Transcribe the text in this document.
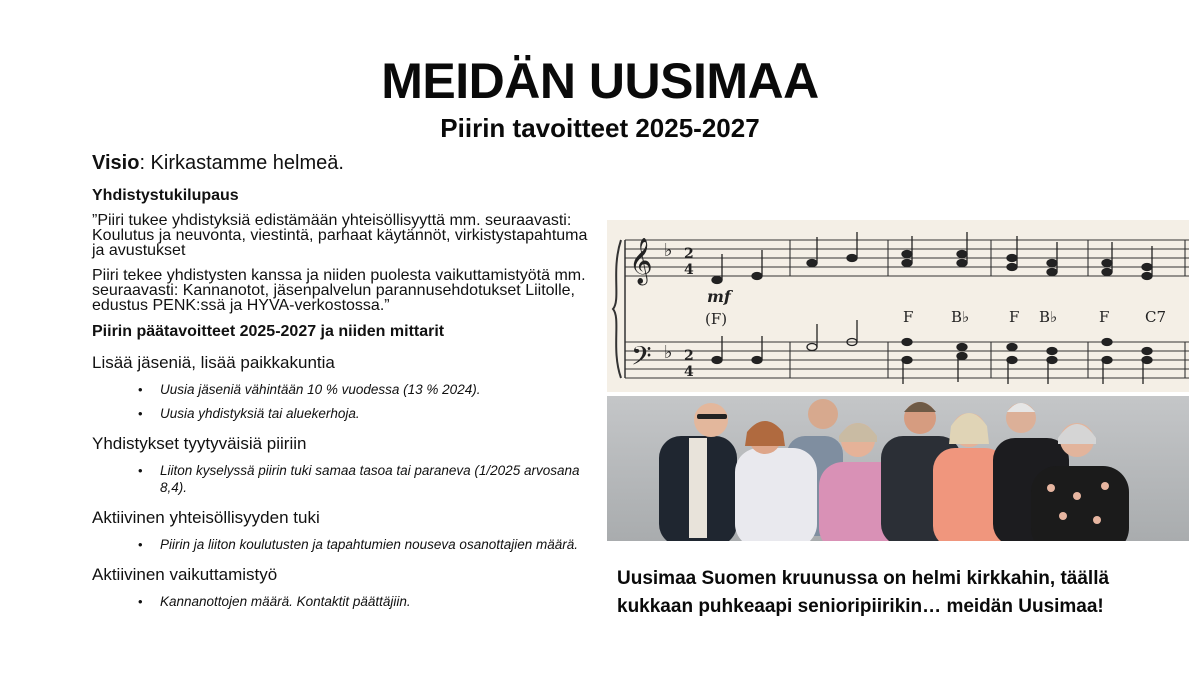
MEIDÄN UUSIMAA
Piirin tavoitteet 2025-2027
Visio: Kirkastamme helmeä.
Yhdistystukilupaus
”Piiri tukee yhdistyksiä edistämään yhteisöllisyyttä mm. seuraavasti: Koulutus ja neuvonta, viestintä, parhaat käytännöt, virkistystapahtuma ja avustukset
Piiri tekee yhdistysten kanssa ja niiden puolesta vaikuttamistyötä mm. seuraavasti: Kannanotot, jäsenpalvelun parannusehdotukset Liitolle, edustus PENK:ssä ja HYVA-verkostossa.”
Piirin päätavoitteet 2025-2027 ja niiden mittarit
Lisää jäseniä, lisää paikkakuntia
• Uusia jäseniä vähintään 10 % vuodessa (13 % 2024).
• Uusia yhdistyksiä tai aluekerhoja.
Yhdistykset tyytyväisiä piiriin
• Liiton kyselyssä piirin tuki samaa tasoa tai paraneva (1/2025 arvosana 8,4).
Aktiivinen yhteisöllisyyden tuki
• Piirin ja liiton koulutusten ja tapahtumien nouseva osanottajien määrä.
Aktiivinen vaikuttamistyö
• Kannanottojen määrä. Kontaktit päättäjiin.
𝄞
𝄢
♭
♭
2
4
2
4
mf
(F)	F	B♭	F B♭	F C7
Uusimaa Suomen kruunussa on helmi kirkkahin, täällä
kukkaan puhkeaapi senioripiirikin… meidän Uusimaa!
